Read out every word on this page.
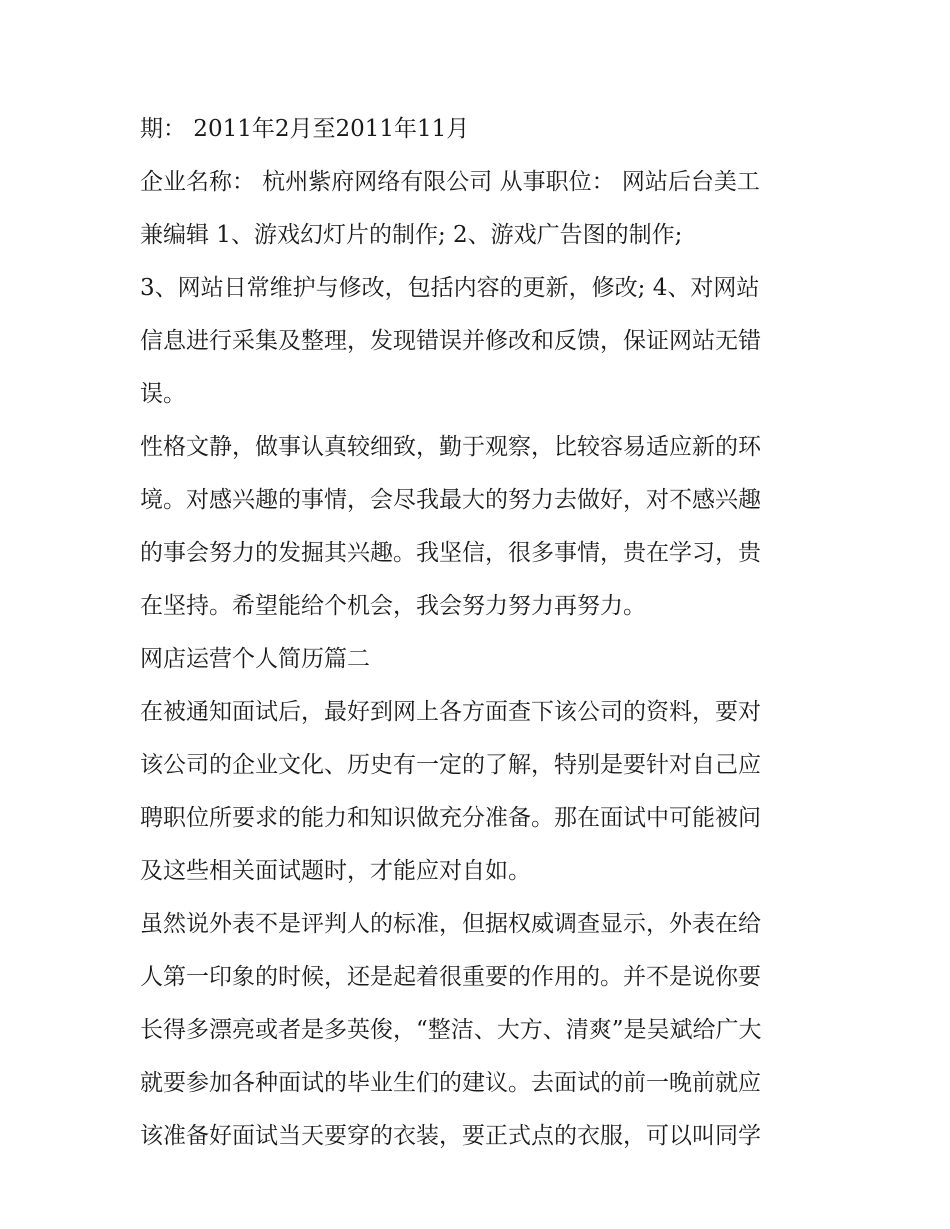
期： 2011年2月至2011年11月
企业名称： 杭州紫府网络有限公司 从事职位： 网站后台美工
兼编辑 1、游戏幻灯片的制作; 2、游戏广告图的制作;
3、网站日常维护与修改，包括内容的更新，修改; 4、对网站
信息进行采集及整理，发现错误并修改和反馈，保证网站无错
误。
性格文静，做事认真较细致，勤于观察，比较容易适应新的环
境。对感兴趣的事情，会尽我最大的努力去做好，对不感兴趣
的事会努力的发掘其兴趣。我坚信，很多事情，贵在学习，贵
在坚持。希望能给个机会，我会努力努力再努力。
网店运营个人简历篇二
在被通知面试后，最好到网上各方面查下该公司的资料，要对
该公司的企业文化、历史有一定的了解，特别是要针对自己应
聘职位所要求的能力和知识做充分准备。那在面试中可能被问
及这些相关面试题时，才能应对自如。
虽然说外表不是评判人的标准，但据权威调查显示，外表在给
人第一印象的时候，还是起着很重要的作用的。并不是说你要
长得多漂亮或者是多英俊，“整洁、大方、清爽”是吴斌给广大
就要参加各种面试的毕业生们的建议。去面试的前一晚前就应
该准备好面试当天要穿的衣装，要正式点的衣服，可以叫同学
